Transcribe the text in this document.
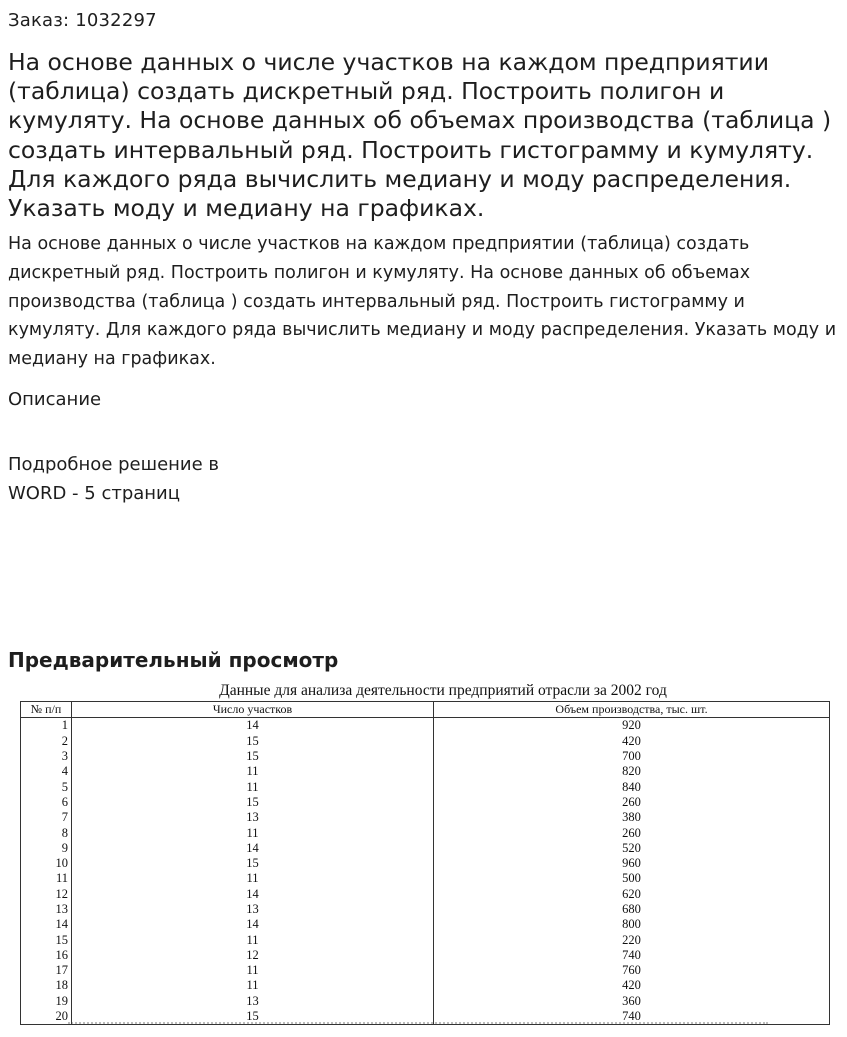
Заказ: 1032297
На основе данных о числе участков на каждом предприятии (таблица) создать дискретный ряд. Построить полигон и кумуляту. На основе данных об объемах производства (таблица ) создать интервальный ряд. Построить гистограмму и кумуляту. Для каждого ряда вычислить медиану и моду распределения. Указать моду и медиану на графиках.

На основе данных о числе участков на каждом предприятии (таблица) создать дискретный ряд. Построить полигон и кумуляту. На основе данных об объемах производства (таблица ) создать интервальный ряд. Построить гистограмму и кумуляту. Для каждого ряда вычислить медиану и моду распределения. Указать моду и медиану на графиках.

Описание
Подробное решение в
WORD - 5 страниц
Предварительный просмотр
Данные для анализа деятельности предприятий отрасли за 2002 год
№ п/п	Число участков	Объем производства, тыс. шт.
1	14	920
2	15	420
3	15	700
4	11	820
5	11	840
6	15	260
7	13	380
8	11	260
9	14	520
10	15	960
11	11	500
12	14	620
13	13	680
14	14	800
15	11	220
16	12	740
17	11	760
18	11	420
19	13	360
20	15	740
